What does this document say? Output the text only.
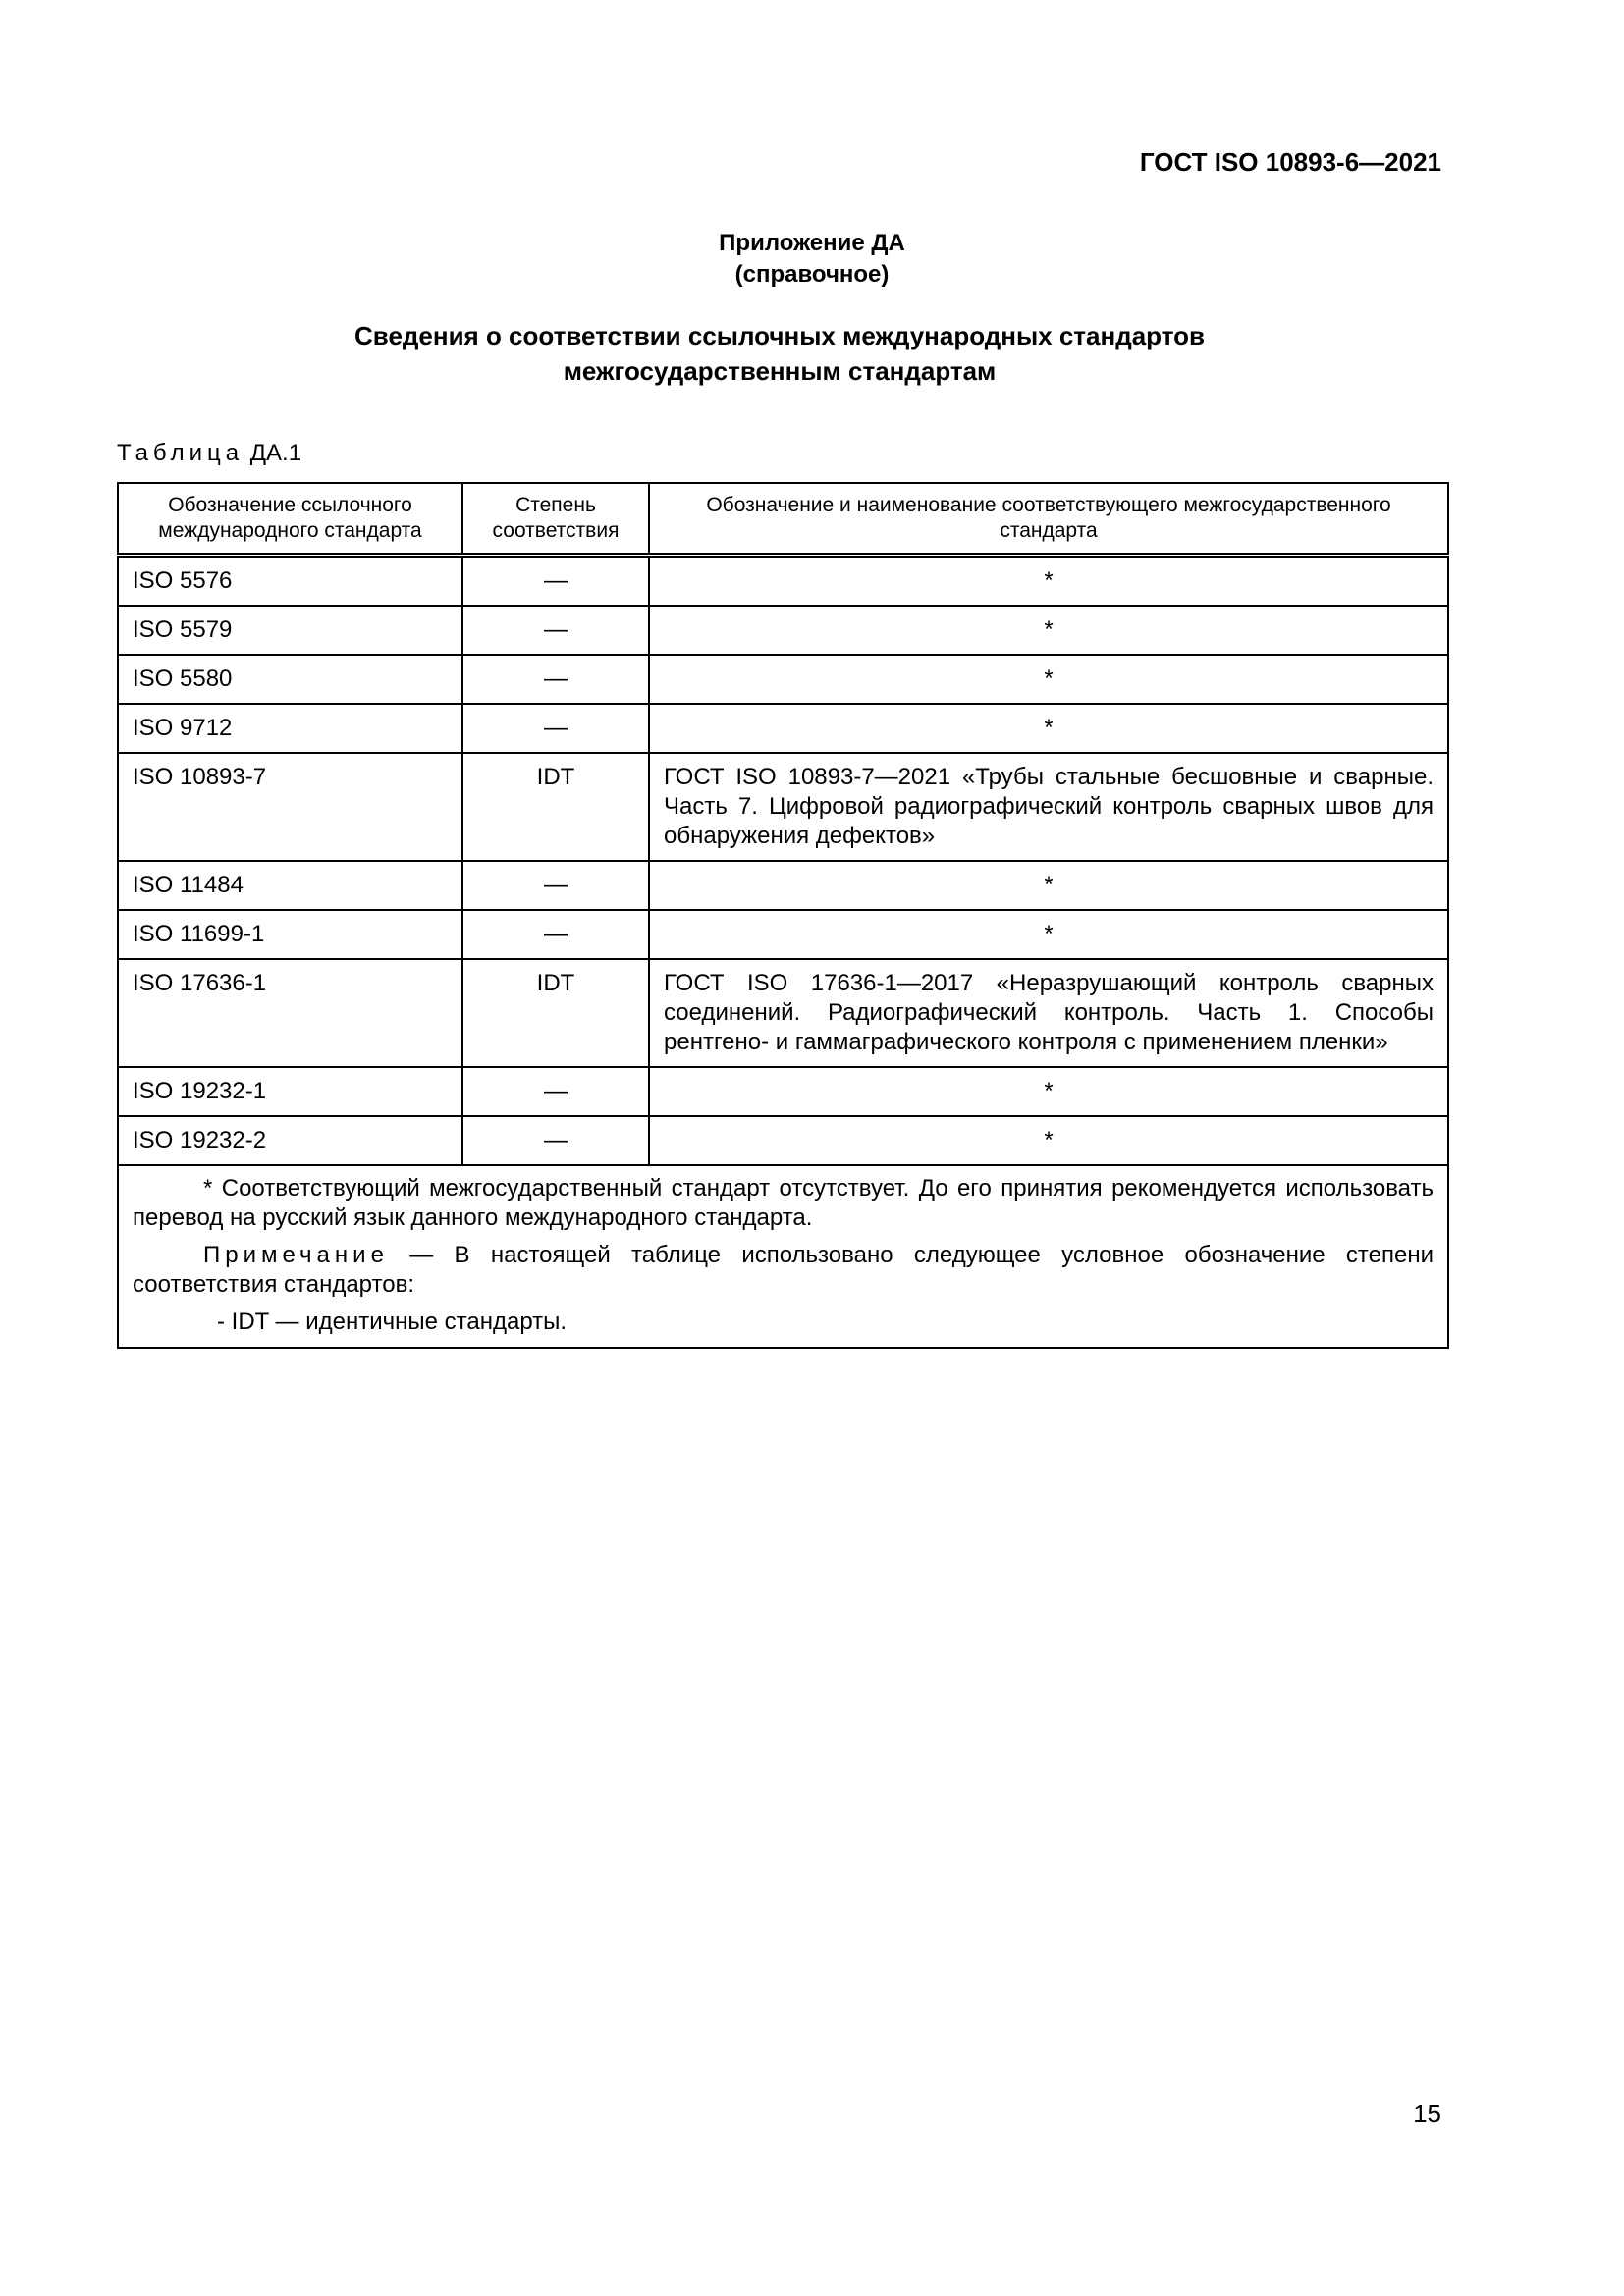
ГОСТ ISO 10893-6—2021
Приложение ДА
(справочное)
Сведения о соответствии ссылочных международных стандартов
межгосударственным стандартам
Таблица ДА.1
Обозначение ссылочного международного стандарта	Степень соответствия	Обозначение и наименование соответствующего межгосударственного стандарта
ISO 5576	—	*
ISO 5579	—	*
ISO 5580	—	*
ISO 9712	—	*
ISO 10893-7	IDT	ГОСТ ISO 10893-7—2021 «Трубы стальные бесшовные и сварные. Часть 7. Цифровой радиографический контроль сварных швов для обнаружения дефектов»
ISO 11484	—	*
ISO 11699-1	—	*
ISO 17636-1	IDT	ГОСТ ISO 17636-1—2017 «Неразрушающий контроль сварных соединений. Радиографический контроль. Часть 1. Способы рентгено- и гаммаграфического контроля с применением пленки»
ISO 19232-1	—	*
ISO 19232-2	—	*

* Соответствующий межгосударственный стандарт отсутствует. До его принятия рекомендуется использовать перевод на русский язык данного международного стандарта.

Примечание — В настоящей таблице использовано следующее условное обозначение степени соответствия стандартов:

- IDT — идентичные стандарты.		

15
